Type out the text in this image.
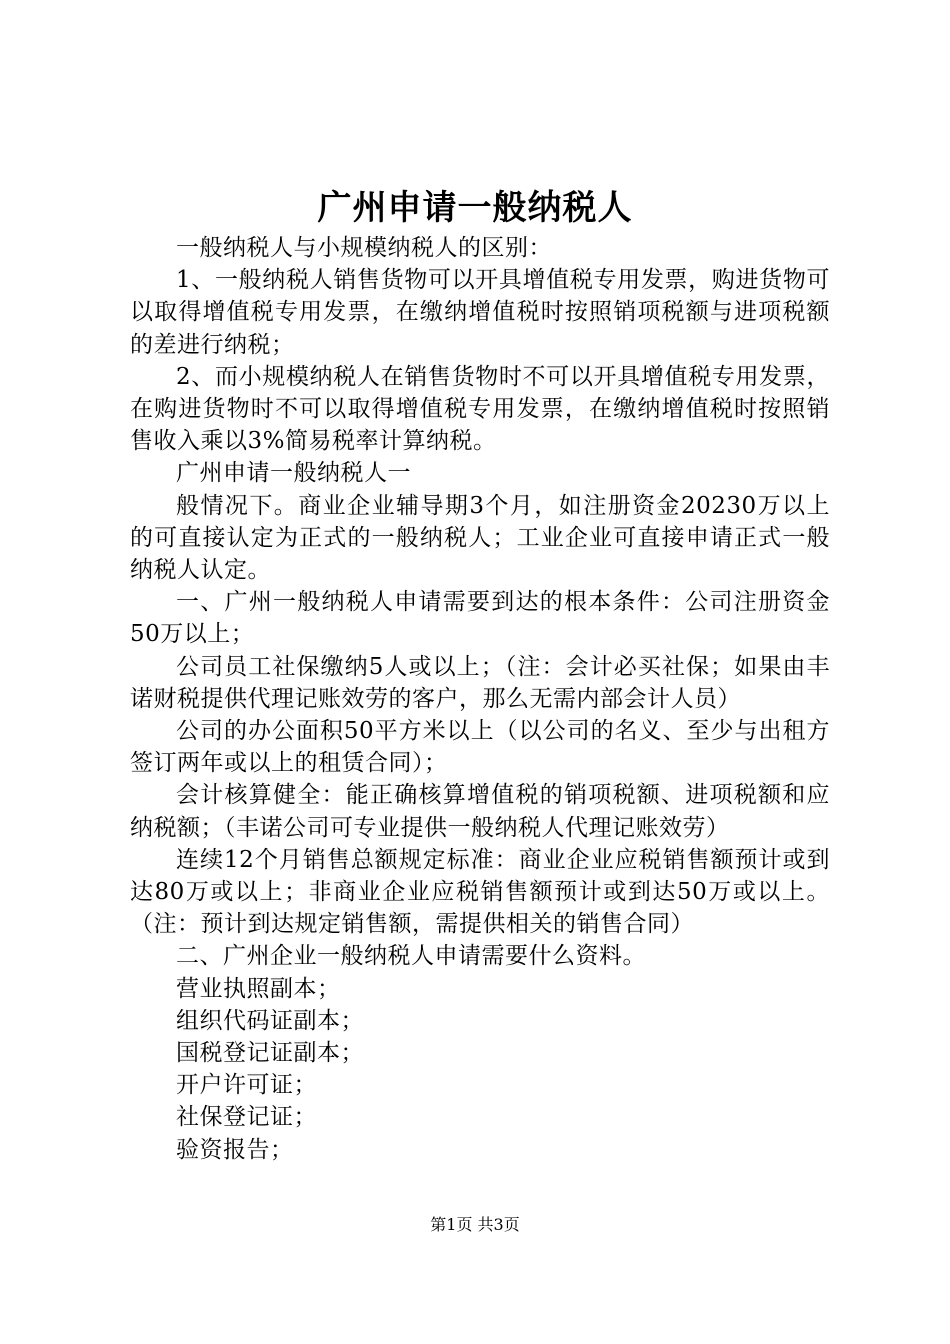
广州申请一般纳税人

一般纳税人与小规模纳税人的区别：

1、一般纳税人销售货物可以开具增值税专用发票，购进货物可以取得增值税专用发票，在缴纳增值税时按照销项税额与进项税额的差进行纳税；

2、而小规模纳税人在销售货物时不可以开具增值税专用发票，在购进货物时不可以取得增值税专用发票，在缴纳增值税时按照销售收入乘以3%简易税率计算纳税。

广州申请一般纳税人一

般情况下。商业企业辅导期3个月，如注册资金20230万以上的可直接认定为正式的一般纳税人；工业企业可直接申请正式一般纳税人认定。

一、广州一般纳税人申请需要到达的根本条件：公司注册资金50万以上；

公司员工社保缴纳5人或以上；（注：会计必买社保；如果由丰诺财税提供代理记账效劳的客户，那么无需内部会计人员）

公司的办公面积50平方米以上（以公司的名义、至少与出租方签订两年或以上的租赁合同）；

会计核算健全：能正确核算增值税的销项税额、进项税额和应纳税额；（丰诺公司可专业提供一般纳税人代理记账效劳）

连续12个月销售总额规定标准：商业企业应税销售额预计或到达80万或以上；非商业企业应税销售额预计或到达50万或以上。（注：预计到达规定销售额，需提供相关的销售合同）

二、广州企业一般纳税人申请需要什么资料。

营业执照副本；

组织代码证副本；

国税登记证副本；

开户许可证；

社保登记证；

验资报告；

第1页 共3页
